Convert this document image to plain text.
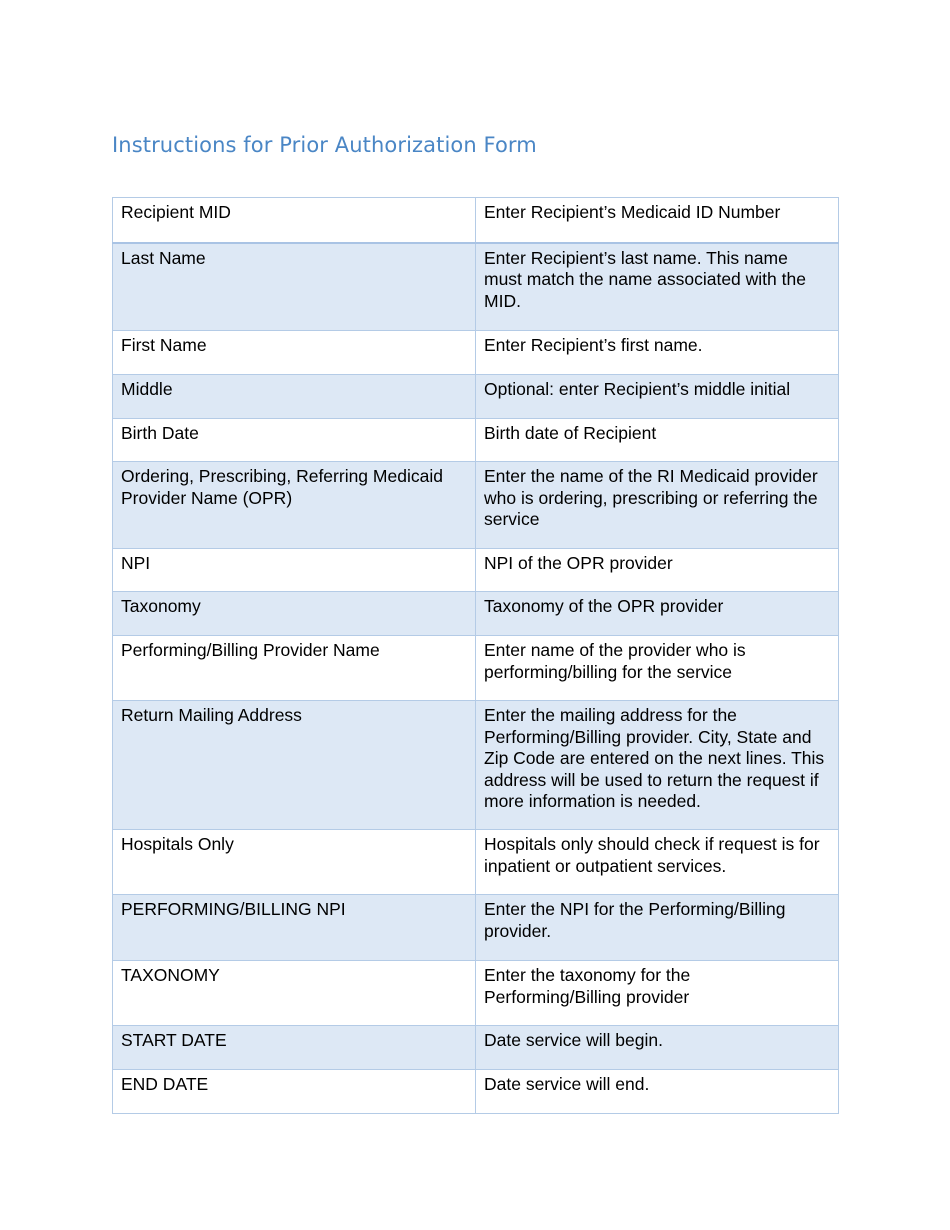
Instructions for Prior Authorization Form
Recipient MID	Enter Recipient’s Medicaid ID Number
Last Name	Enter Recipient’s last name. This name must match the name associated with the MID.
First Name	Enter Recipient’s first name.
Middle	Optional: enter Recipient’s middle initial
Birth Date	Birth date of Recipient
Ordering, Prescribing, Referring Medicaid Provider Name (OPR)	Enter the name of the RI Medicaid provider who is ordering, prescribing or referring the service
NPI	NPI of the OPR provider
Taxonomy	Taxonomy of the OPR provider
Performing/Billing Provider Name	Enter name of the provider who is performing/billing for the service
Return Mailing Address	Enter the mailing address for the Performing/Billing provider. City, State and Zip Code are entered on the next lines. This address will be used to return the request if more information is needed.
Hospitals Only	Hospitals only should check if request is for inpatient or outpatient services.
PERFORMING/BILLING NPI	Enter the NPI for the Performing/Billing provider.
TAXONOMY	Enter the taxonomy for the Performing/Billing provider
START DATE	Date service will begin.
END DATE	Date service will end.
